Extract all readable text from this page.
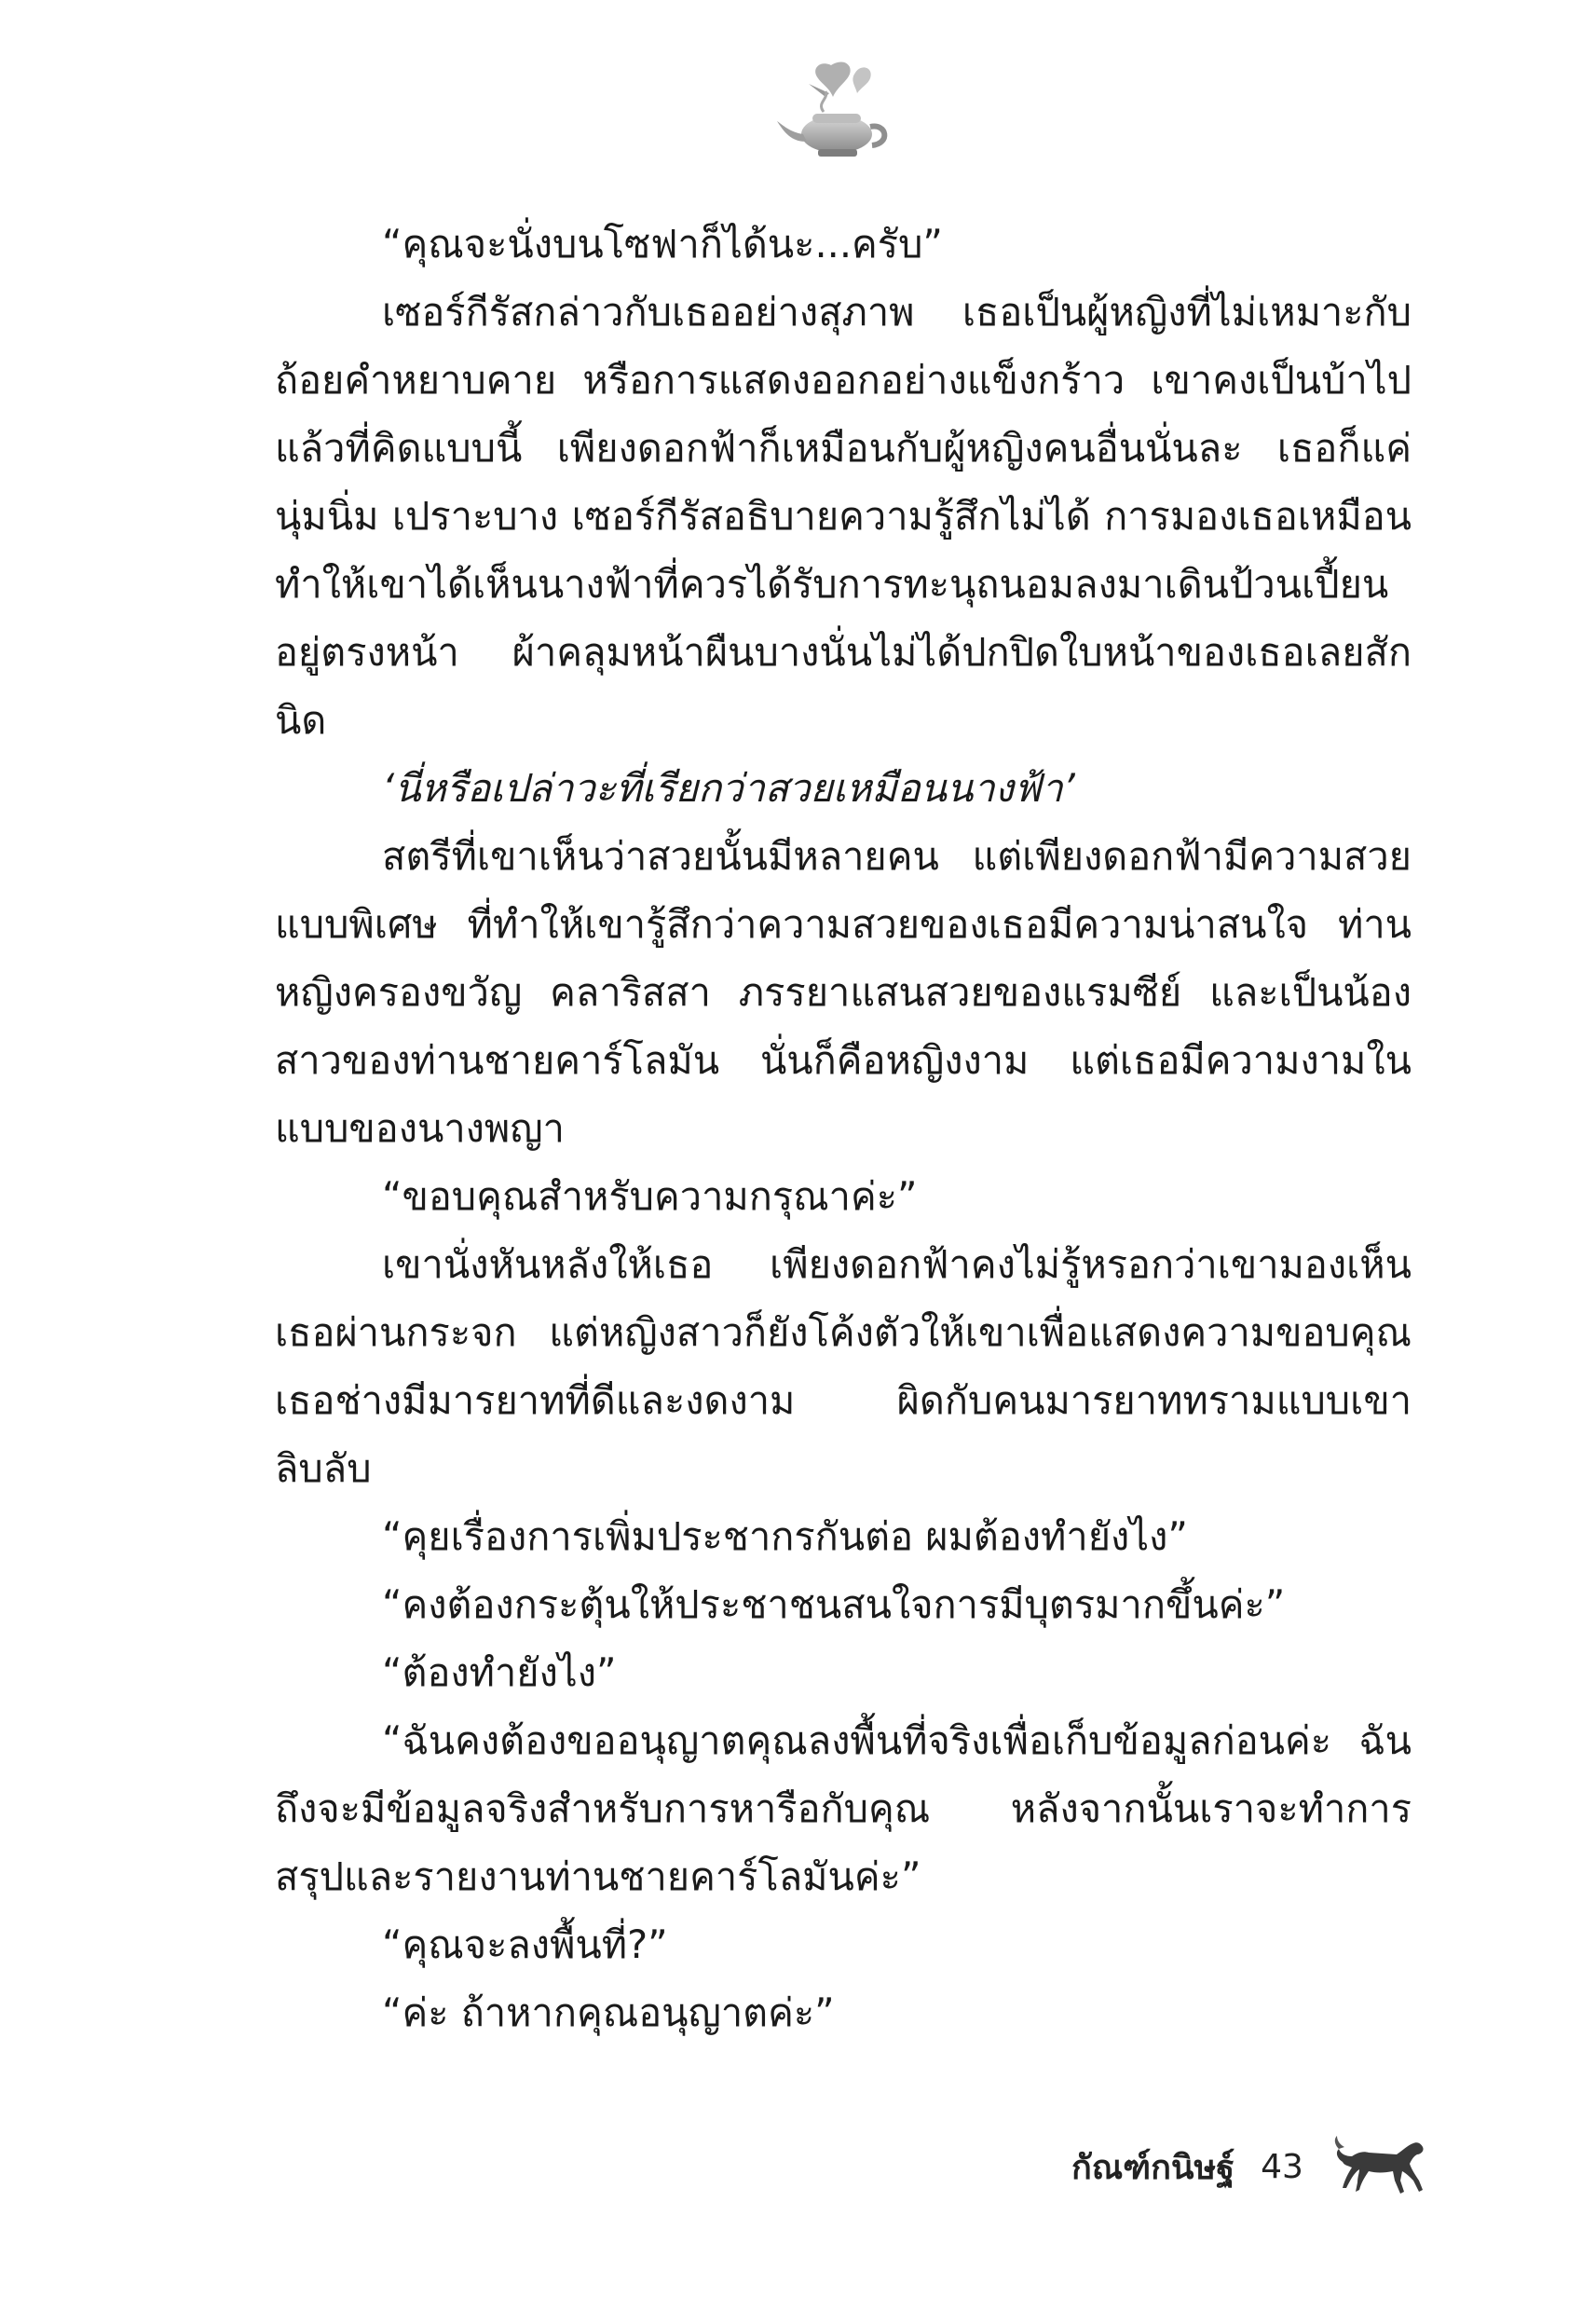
“คุณจะนั่งบนโซฟาก็ได้นะ...ครับ”

เซอร์กีรัสกล่าวกับเธออย่างสุภาพ เธอเป็นผู้หญิงที่ไม่เหมาะกับถ้อยคำหยาบคาย หรือการแสดงออกอย่างแข็งกร้าว เขาคงเป็นบ้าไปแล้วที่คิดแบบนี้ เพียงดอกฟ้าก็เหมือนกับผู้หญิงคนอื่นนั่นละ เธอก็แค่นุ่มนิ่ม เปราะบาง เซอร์กีรัสอธิบายความรู้สึกไม่ได้ การมองเธอเหมือนทำให้เขาได้เห็นนางฟ้าที่ควรได้รับการทะนุถนอมลงมาเดินป้วนเปี้ยนอยู่ตรงหน้า ผ้าคลุมหน้าผืนบางนั่นไม่ได้ปกปิดใบหน้าของเธอเลยสักนิด

‘นี่หรือเปล่าวะที่เรียกว่าสวยเหมือนนางฟ้า’

สตรีที่เขาเห็นว่าสวยนั้นมีหลายคน แต่เพียงดอกฟ้ามีความสวยแบบพิเศษ ที่ทำให้เขารู้สึกว่าความสวยของเธอมีความน่าสนใจ ท่านหญิงครองขวัญ คลาริสสา ภรรยาแสนสวยของแรมซีย์ และเป็นน้องสาวของท่านชายคาร์โลมัน นั่นก็คือหญิงงาม แต่เธอมีความงามในแบบของนางพญา

“ขอบคุณสำหรับความกรุณาค่ะ”

เขานั่งหันหลังให้เธอ เพียงดอกฟ้าคงไม่รู้หรอกว่าเขามองเห็นเธอผ่านกระจก แต่หญิงสาวก็ยังโค้งตัวให้เขาเพื่อแสดงความขอบคุณ เธอช่างมีมารยาทที่ดีและงดงาม ผิดกับคนมารยาททรามแบบเขาลิบลับ

“คุยเรื่องการเพิ่มประชากรกันต่อ ผมต้องทำยังไง”

“คงต้องกระตุ้นให้ประชาชนสนใจการมีบุตรมากขึ้นค่ะ”

“ต้องทำยังไง”

“ฉันคงต้องขออนุญาตคุณลงพื้นที่จริงเพื่อเก็บข้อมูลก่อนค่ะ ฉันถึงจะมีข้อมูลจริงสำหรับการหารือกับคุณ หลังจากนั้นเราจะทำการสรุปและรายงานท่านชายคาร์โลมันค่ะ”

“คุณจะลงพื้นที่?”

“ค่ะ ถ้าหากคุณอนุญาตค่ะ”

กัณฑ์กนิษฐ์ 43
